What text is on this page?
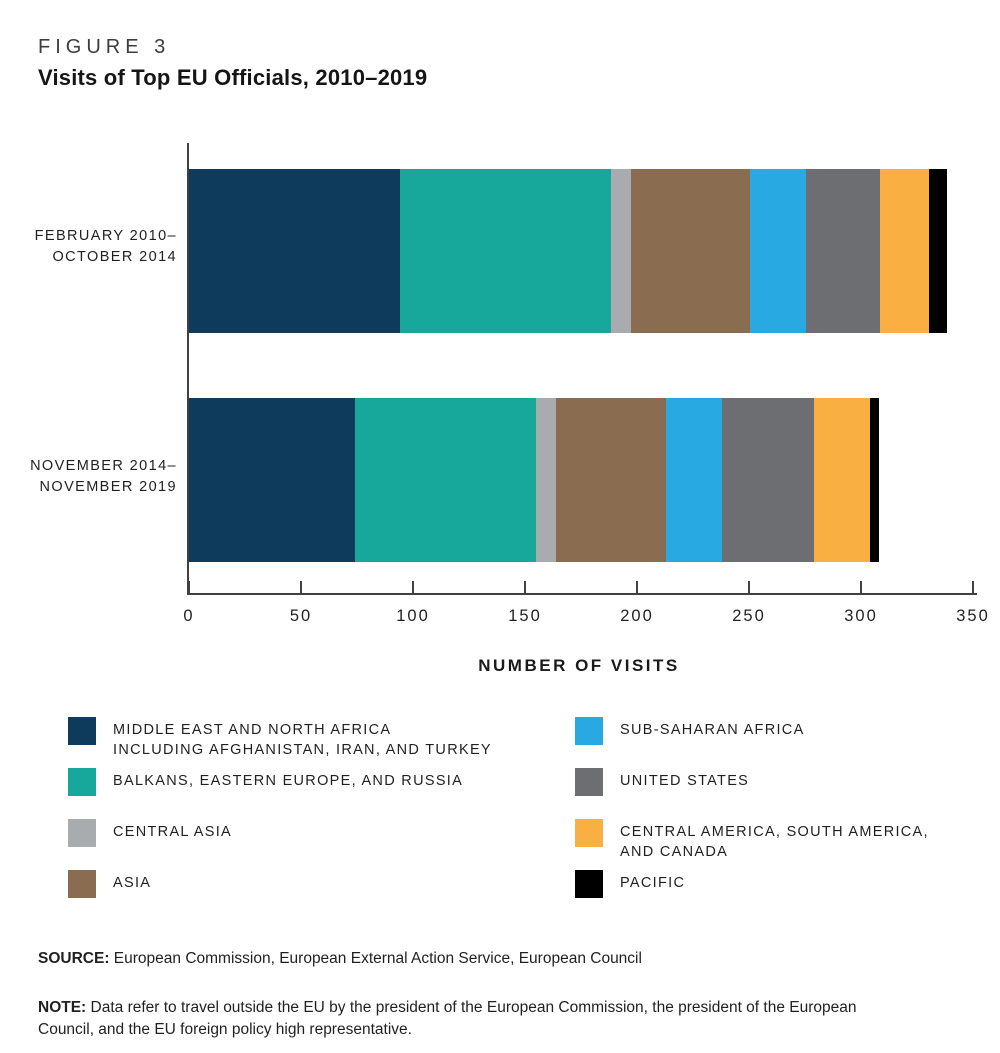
FIGURE 3
Visits of Top EU Officials, 2010–2019
0	50	100	150	200	250	300	350
NUMBER OF VISITS
MIDDLE EAST AND NORTH AFRICA
INCLUDING AFGHANISTAN, IRAN, AND TURKEY
BALKANS, EASTERN EUROPE, AND RUSSIA
CENTRAL ASIA
ASIA
SUB-SAHARAN AFRICA
UNITED STATES
CENTRAL AMERICA, SOUTH AMERICA,
AND CANADA
PACIFIC

SOURCE: European Commission, European External Action Service, European Council

NOTE: Data refer to travel outside the EU by the president of the European Commission, the president of the European Council, and the EU foreign policy high representative.

FEBRUARY 2010–
OCTOBER 2014
NOVEMBER 2014–
NOVEMBER 2019
